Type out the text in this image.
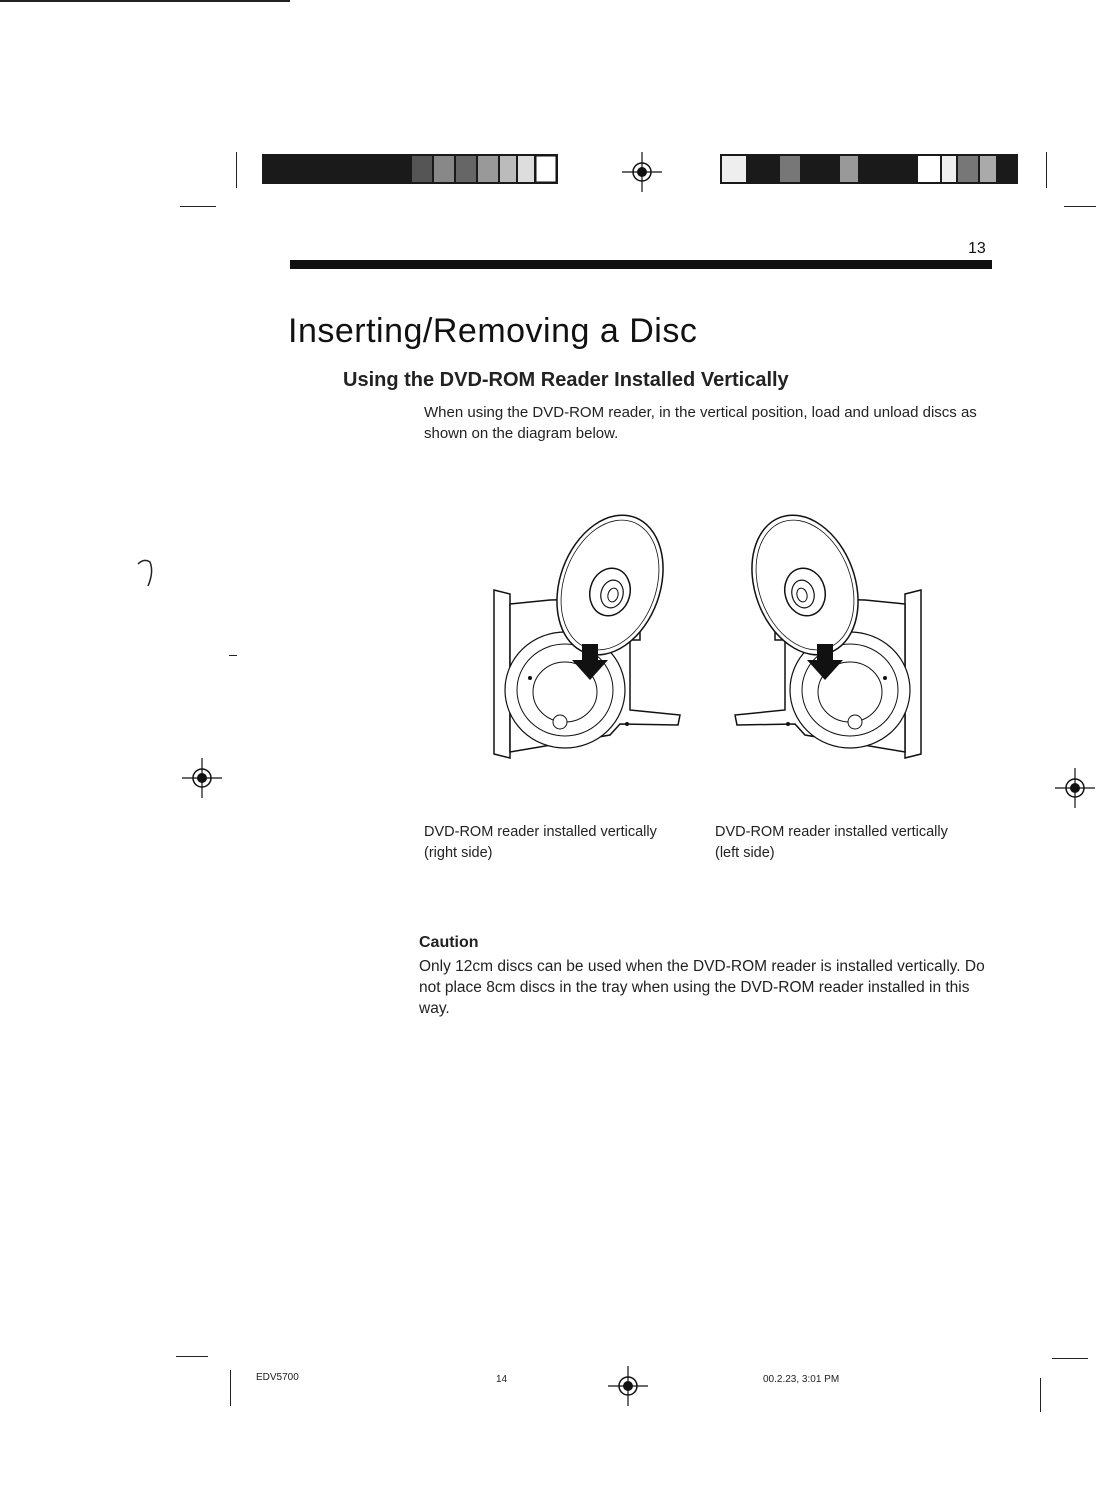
13
Inserting/Removing a Disc
Using the DVD-ROM Reader Installed Vertically
When using the DVD-ROM reader, in the vertical position, load and unload discs as shown on the diagram below.
DVD-ROM reader installed vertically
(right side)
DVD-ROM reader installed vertically
(left side)
Caution
Only 12cm discs can be used when the DVD-ROM reader is installed vertically. Do not place 8cm discs in the tray when using the DVD-ROM reader installed in this way.
EDV5700	14	00.2.23, 3:01 PM
